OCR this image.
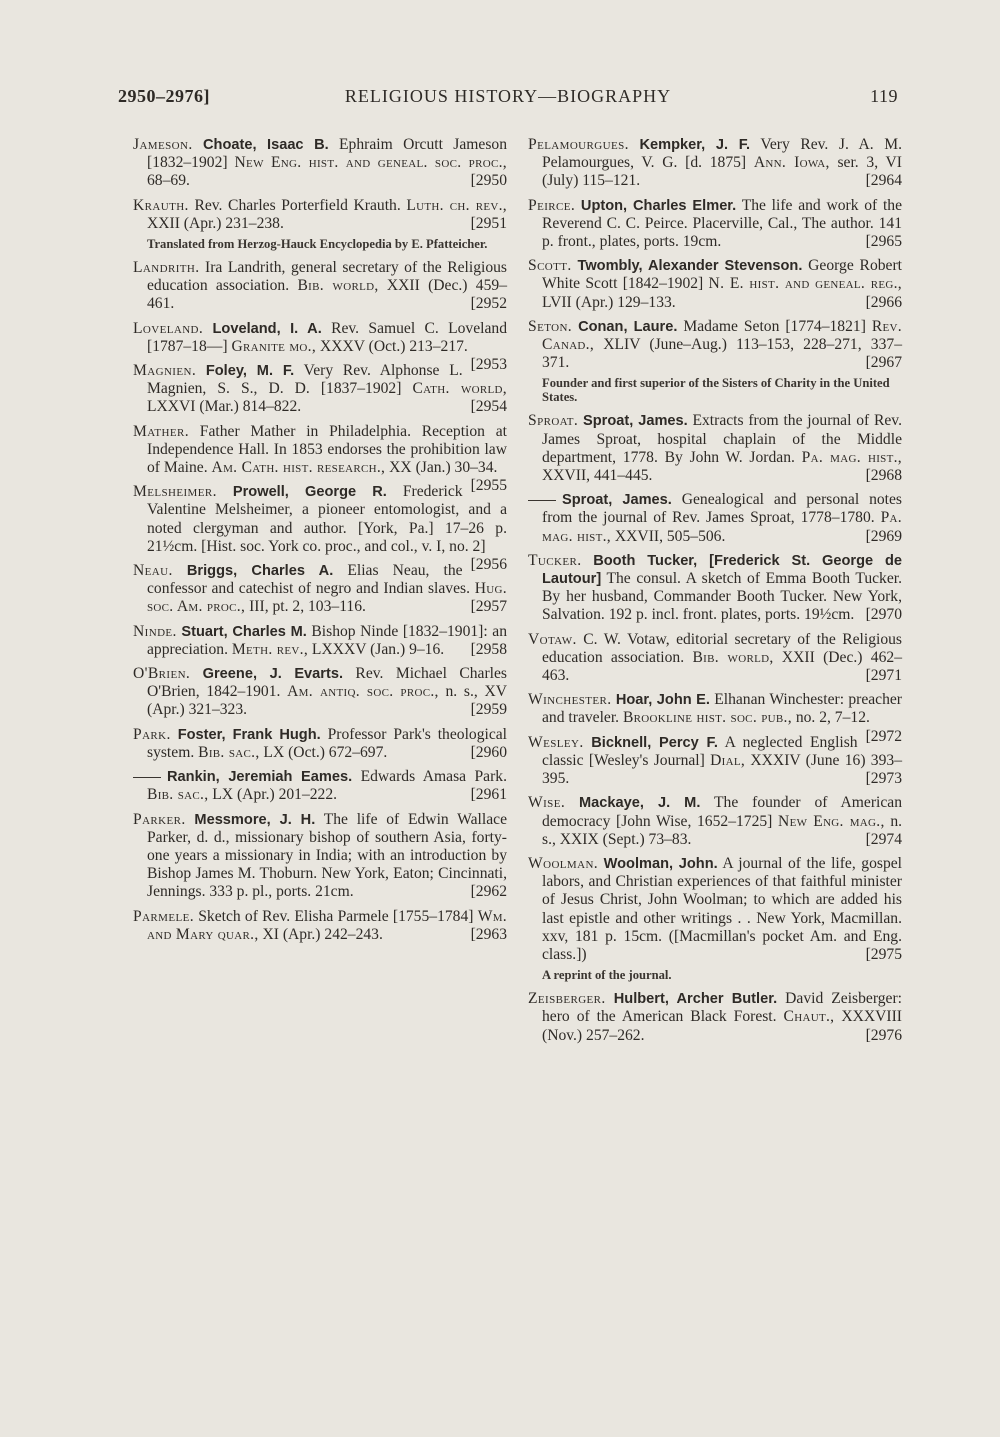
2950–2976]	RELIGIOUS HISTORY—BIOGRAPHY	119

Jameson. Choate, Isaac B. Ephraim Orcutt Jameson [1832–1902] New Eng. hist. and geneal. soc. proc., 68–69.	[2950

Krauth. Rev. Charles Porterfield Krauth. Luth. ch. rev., XXII (Apr.) 231–238.	[2951

Translated from Herzog-Hauck Encyclopedia by E. Pfatteicher.

Landrith. Ira Landrith, general secretary of the Religious education association. Bib. world, XXII (Dec.) 459–461.	[2952

Loveland. Loveland, I. A. Rev. Samuel C. Loveland [1787–18—] Granite mo., XXXV (Oct.) 213–217.
[2953

Magnien. Foley, M. F. Very Rev. Alphonse L. Magnien, S. S., D. D. [1837–1902] Cath. world, LXXVI (Mar.) 814–822.	[2954

Mather. Father Mather in Philadelphia. Reception at Independence Hall. In 1853 endorses the prohibition law of Maine. Am. Cath. hist. research., XX (Jan.) 30–34.
[2955

Melsheimer. Prowell, George R. Frederick Valentine Melsheimer, a pioneer entomologist, and a noted clergyman and author. [York, Pa.] 17–26 p. 21½cm. [Hist. soc. York co. proc., and col., v. I, no. 2]
[2956

Neau. Briggs, Charles A. Elias Neau, the confessor and catechist of negro and Indian slaves. Hug. soc. Am. proc., III, pt. 2, 103–116.	[2957

Ninde. Stuart, Charles M. Bishop Ninde [1832–1901]: an appreciation. Meth. rev., LXXXV (Jan.) 9–16.	[2958

O'Brien. Greene, J. Evarts. Rev. Michael Charles O'Brien, 1842–1901. Am. antiq. soc. proc., n. s., XV (Apr.) 321–323.	[2959

Park. Foster, Frank Hugh. Professor Park's theological system. Bib. sac., LX (Oct.) 672–697.	[2960

Rankin, Jeremiah Eames. Edwards Amasa Park. Bib. sac., LX (Apr.) 201–222.	[2961

Parker. Messmore, J. H. The life of Edwin Wallace Parker, d. d., missionary bishop of southern Asia, forty-one years a missionary in India; with an introduction by Bishop James M. Thoburn. New York, Eaton; Cincinnati, Jennings. 333 p. pl., ports. 21cm.	[2962

Parmele. Sketch of Rev. Elisha Parmele [1755–1784] Wm. and Mary quar., XI (Apr.) 242–243.	[2963

Pelamourgues. Kempker, J. F. Very Rev. J. A. M. Pelamourgues, V. G. [d. 1875] Ann. Iowa, ser. 3, VI (July) 115–121.	[2964

Peirce. Upton, Charles Elmer. The life and work of the Reverend C. C. Peirce. Placerville, Cal., The author. 141 p. front., plates, ports. 19cm.	[2965

Scott. Twombly, Alexander Stevenson. George Robert White Scott [1842–1902] N. E. hist. and geneal. reg., LVII (Apr.) 129–133.	[2966

Seton. Conan, Laure. Madame Seton [1774–1821] Rev. Canad., XLIV (June–Aug.) 113–153, 228–271, 337–371.	[2967

Founder and first superior of the Sisters of Charity in the United States.

Sproat. Sproat, James. Extracts from the journal of Rev. James Sproat, hospital chaplain of the Middle department, 1778. By John W. Jordan. Pa. mag. hist., XXVII, 441–445.	[2968

Sproat, James. Genealogical and personal notes from the journal of Rev. James Sproat, 1778–1780. Pa. mag. hist., XXVII, 505–506.	[2969

Tucker. Booth Tucker, [Frederick St. George de Lautour] The consul. A sketch of Emma Booth Tucker. By her husband, Commander Booth Tucker. New York, Salvation. 192 p. incl. front. plates, ports. 19½cm. [2970

Votaw. C. W. Votaw, editorial secretary of the Religious education association. Bib. world, XXII (Dec.) 462–463.	[2971

Winchester. Hoar, John E. Elhanan Winchester: preacher and traveler. Brookline hist. soc. pub., no. 2, 7–12.
[2972

Wesley. Bicknell, Percy F. A neglected English classic [Wesley's Journal] Dial, XXXIV (June 16) 393–395.	[2973

Wise. Mackaye, J. M. The founder of American democracy [John Wise, 1652–1725] New Eng. mag., n. s., XXIX (Sept.) 73–83.	[2974

Woolman. Woolman, John. A journal of the life, gospel labors, and Christian experiences of that faithful minister of Jesus Christ, John Woolman; to which are added his last epistle and other writings . . New York, Macmillan. xxv, 181 p. 15cm. ([Macmillan's pocket Am. and Eng. class.])	[2975

A reprint of the journal.

Zeisberger. Hulbert, Archer Butler. David Zeisberger: hero of the American Black Forest. Chaut., XXXVIII (Nov.) 257–262.	[2976
